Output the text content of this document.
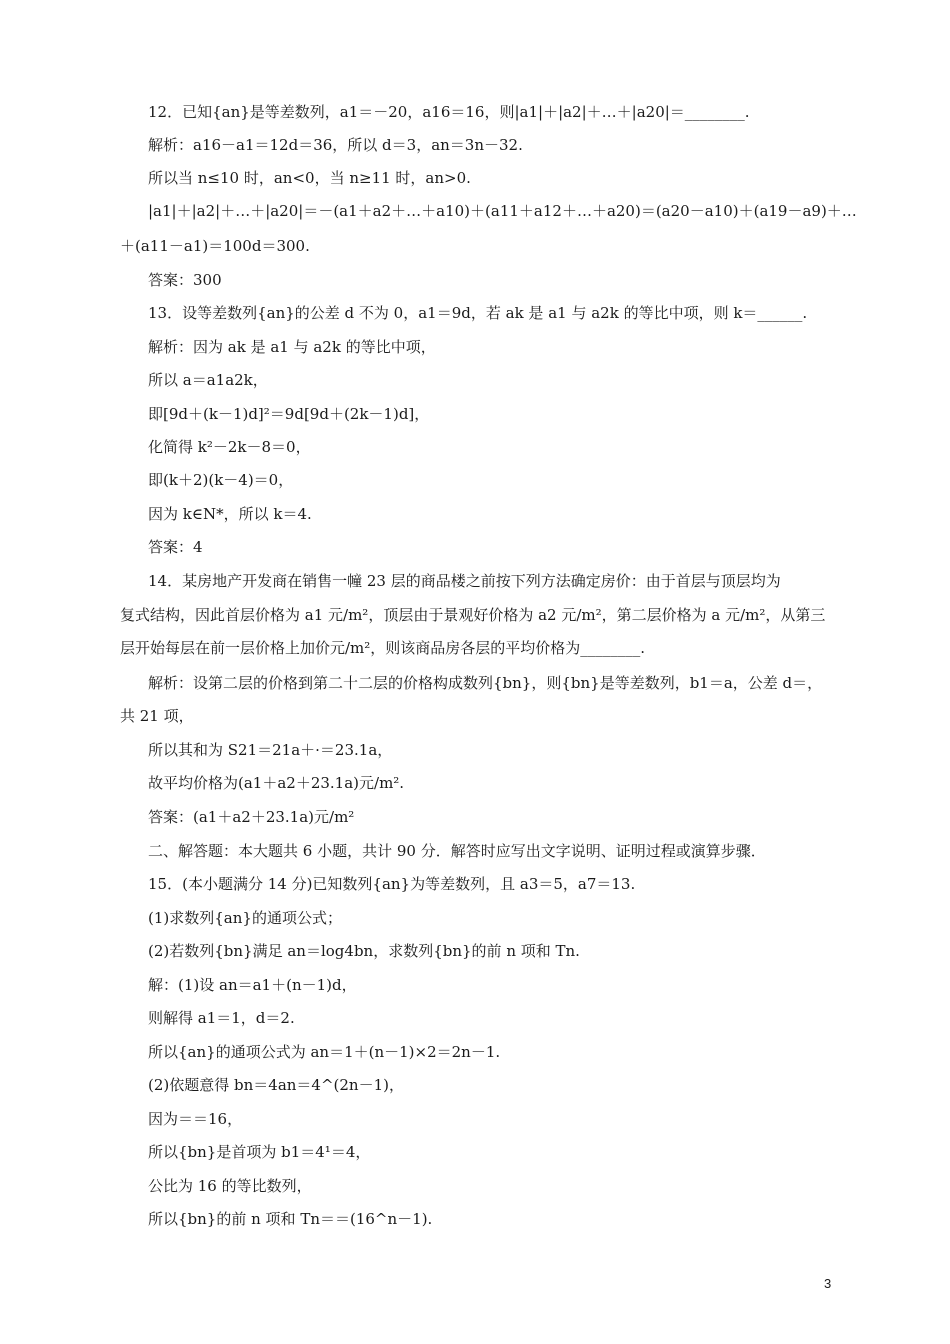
12．已知{an}是等差数列，a1＝－20，a16＝16，则|a1|＋|a2|＋…＋|a20|＝________.
解析：a16－a1＝12d＝36，所以 d＝3，an＝3n－32.
所以当 n≤10 时，an<0，当 n≥11 时，an>0.
|a1|＋|a2|＋…＋|a20|＝－(a1＋a2＋…＋a10)＋(a11＋a12＋…＋a20)＝(a20－a10)＋(a19－a9)＋…
＋(a11－a1)＝100d＝300.
答案：300
13．设等差数列{an}的公差 d 不为 0，a1＝9d，若 ak 是 a1 与 a2k 的等比中项，则 k＝______.
解析：因为 ak 是 a1 与 a2k 的等比中项，
所以 a＝a1a2k，
即[9d＋(k－1)d]²＝9d[9d＋(2k－1)d]，
化简得 k²－2k－8＝0，
即(k＋2)(k－4)＝0，
因为 k∈N*，所以 k＝4.
答案：4
14．某房地产开发商在销售一幢 23 层的商品楼之前按下列方法确定房价：由于首层与顶层均为
复式结构，因此首层价格为 a1 元/m²，顶层由于景观好价格为 a2 元/m²，第二层价格为 a 元/m²，从第三
层开始每层在前一层价格上加价元/m²，则该商品房各层的平均价格为________.
解析：设第二层的价格到第二十二层的价格构成数列{bn}，则{bn}是等差数列，b1＝a，公差 d＝，
共 21 项，
所以其和为 S21＝21a＋·＝23.1a，
故平均价格为(a1＋a2＋23.1a)元/m².
答案：(a1＋a2＋23.1a)元/m²
二、解答题：本大题共 6 小题，共计 90 分．解答时应写出文字说明、证明过程或演算步骤．
15．(本小题满分 14 分)已知数列{an}为等差数列，且 a3＝5，a7＝13.
(1)求数列{an}的通项公式；
(2)若数列{bn}满足 an＝log4bn，求数列{bn}的前 n 项和 Tn.
解：(1)设 an＝a1＋(n－1)d，
则解得 a1＝1，d＝2.
所以{an}的通项公式为 an＝1＋(n－1)×2＝2n－1.
(2)依题意得 bn＝4an＝4^(2n－1)，
因为＝＝16，
所以{bn}是首项为 b1＝4¹＝4，
公比为 16 的等比数列，
所以{bn}的前 n 项和 Tn＝＝(16^n－1).
3
